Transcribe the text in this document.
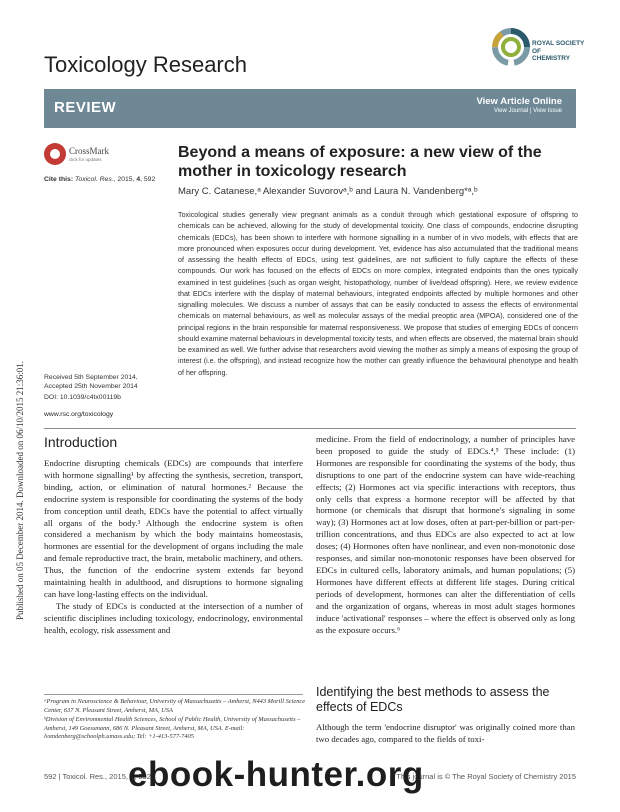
Published on 05 December 2014. Downloaded on 06/10/2015 21:36:01.
Toxicology Research
ROYAL SOCIETY
OF
CHEMISTRY
REVIEW	View Article Online
View Journal | View Issue
CrossMark
click for updates
Cite this: Toxicol. Res., 2015, 4, 592
Received 5th September 2014,
Accepted 25th November 2014
DOI: 10.1039/c4tx00119b
www.rsc.org/toxicology
Beyond a means of exposure: a new view of the mother in toxicology research
Mary C. Catanese,ᵃ Alexander Suvorovᵃ,ᵇ and Laura N. Vandenberg*ᵃ,ᵇ
Toxicological studies generally view pregnant animals as a conduit through which gestational exposure of offspring to chemicals can be achieved, allowing for the study of developmental toxicity. One class of compounds, endocrine disrupting chemicals (EDCs), has been shown to interfere with hormone signalling in a number of in vivo models, with effects that are more pronounced when exposures occur during development. Yet, evidence has also accumulated that the traditional means of assessing the health effects of EDCs, using test guidelines, are not sufficient to fully capture the effects of these compounds. Our work has focused on the effects of EDCs on more complex, integrated endpoints than the ones typically examined in test guidelines (such as organ weight, histopathology, number of live/dead offspring). Here, we review evidence that EDCs interfere with the display of maternal behaviours, integrated endpoints affected by multiple hormones and other signalling molecules. We discuss a number of assays that can be easily conducted to assess the effects of environmental chemicals on maternal behaviours, as well as molecular assays of the medial preoptic area (MPOA), considered one of the principal regions in the brain responsible for maternal responsiveness. We propose that studies of emerging EDCs of concern should examine maternal behaviours in developmental toxicity tests, and when effects are observed, the maternal brain should be examined as well. We further advise that researchers avoid viewing the mother as simply a means of exposing the group of interest (i.e. the offspring), and instead recognize how the mother can greatly influence the behavioural phenotype and health of her offspring.
Introduction

Endocrine disrupting chemicals (EDCs) are compounds that interfere with hormone signalling¹ by affecting the synthesis, secretion, transport, binding, action, or elimination of natural hormones.² Because the endocrine system is responsible for coordinating the systems of the body from conception until death, EDCs have the potential to affect virtually all organs of the body.³ Although the endocrine system is often considered a mechanism by which the body maintains homeostasis, hormones are essential for the development of organs including the male and female reproductive tract, the brain, metabolic machinery, and others. Thus, the function of the endocrine system extends far beyond maintaining health in adulthood, and disruptions to hormone signaling can have long-lasting effects on the individual.

The study of EDCs is conducted at the intersection of a number of scientific disciplines including toxicology, endocrinology, environmental health, ecology, risk assessment and

medicine. From the field of endocrinology, a number of principles have been proposed to guide the study of EDCs.⁴,⁵ These include: (1) Hormones are responsible for coordinating the systems of the body, thus disruptions to one part of the endocrine system can have wide-reaching effects; (2) Hormones act via specific interactions with receptors, thus only cells that express a hormone receptor will be affected by that hormone (or chemicals that disrupt that hormone's signaling in some way); (3) Hormones act at low doses, often at part-per-billion or part-per-trillion concentrations, and thus EDCs are also expected to act at low doses; (4) Hormones often have nonlinear, and even non-monotonic dose responses, and similar non-monotonic responses have been observed for EDCs in cultured cells, laboratory animals, and human populations; (5) Hormones have different effects at different life stages. During critical periods of development, hormones can alter the differentiation of cells and the organization of organs, whereas in most adult stages hormones induce 'activational' responses – where the effect is observed only as long as the exposure occurs.⁶

Identifying the best methods to assess the effects of EDCs

Although the term 'endocrine disruptor' was originally coined more than two decades ago, compared to the fields of toxi-

ᵃProgram in Neuroscience & Behaviour, University of Massachusetts – Amherst, N443 Morill Science Center, 637 N. Pleasant Street, Amherst, MA, USA

ᵇDivision of Environmental Health Sciences, School of Public Health, University of Massachusetts – Amherst, 149 Goessmann, 686 N. Pleasant Street, Amherst, MA, USA. E-mail: lvandenberg@schoolph.umass.edu; Tel: +1-413-577-7405

592 | Toxicol. Res., 2015, 4, 592–	This journal is © The Royal Society of Chemistry 2015
ebook-hunter.org
